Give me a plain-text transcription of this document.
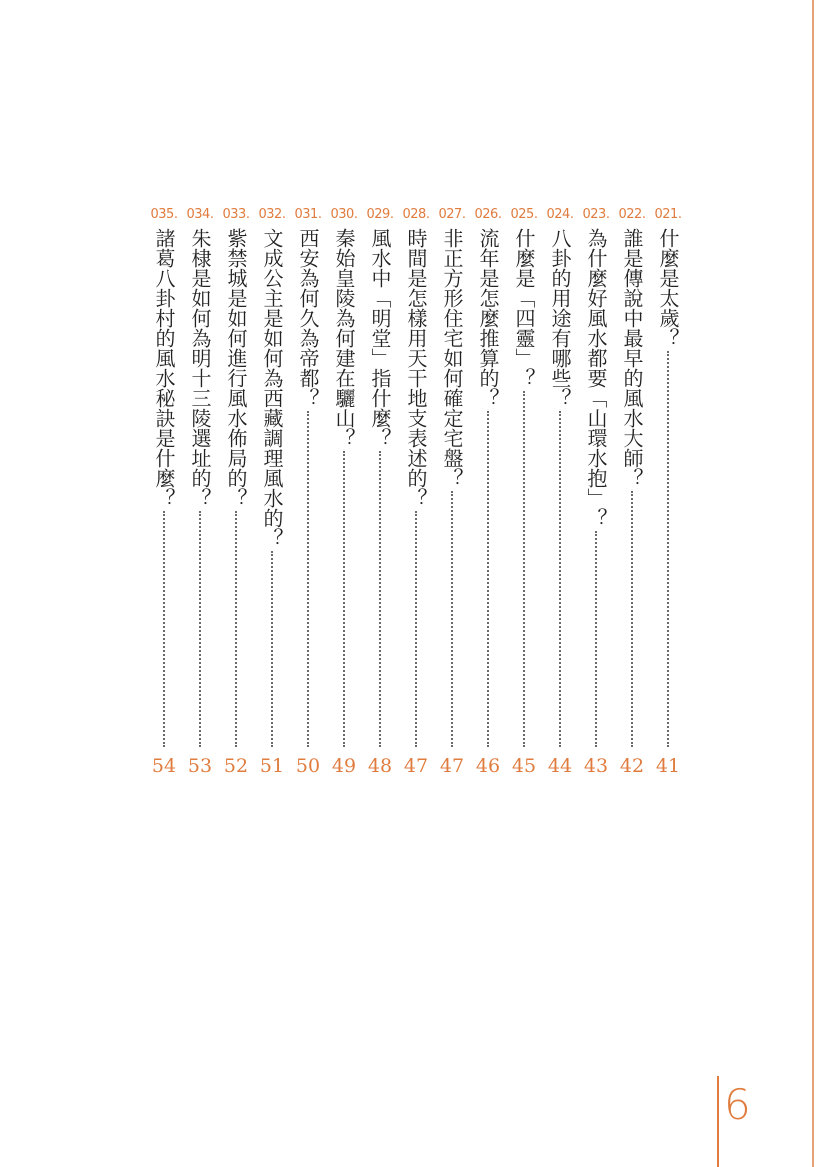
021.
什麼是太歲？
41
022.
誰是傳說中最早的風水大師？
42
023.
為什麼好風水都要「山環水抱」？
43
024.
八卦的用途有哪些？
44
025.
什麼是「四靈」？
45
026.
流年是怎麼推算的？
46
027.
非正方形住宅如何確定宅盤？
47
028.
時間是怎樣用天干地支表述的？
47
029.
風水中「明堂」指什麼？
48
030.
秦始皇陵為何建在驪山？
49
031.
西安為何久為帝都？
50
032.
文成公主是如何為西藏調理風水的？
51
033.
紫禁城是如何進行風水佈局的？
52
034.
朱棣是如何為明十三陵選址的？
53
035.
諸葛八卦村的風水秘訣是什麼？
54
6
